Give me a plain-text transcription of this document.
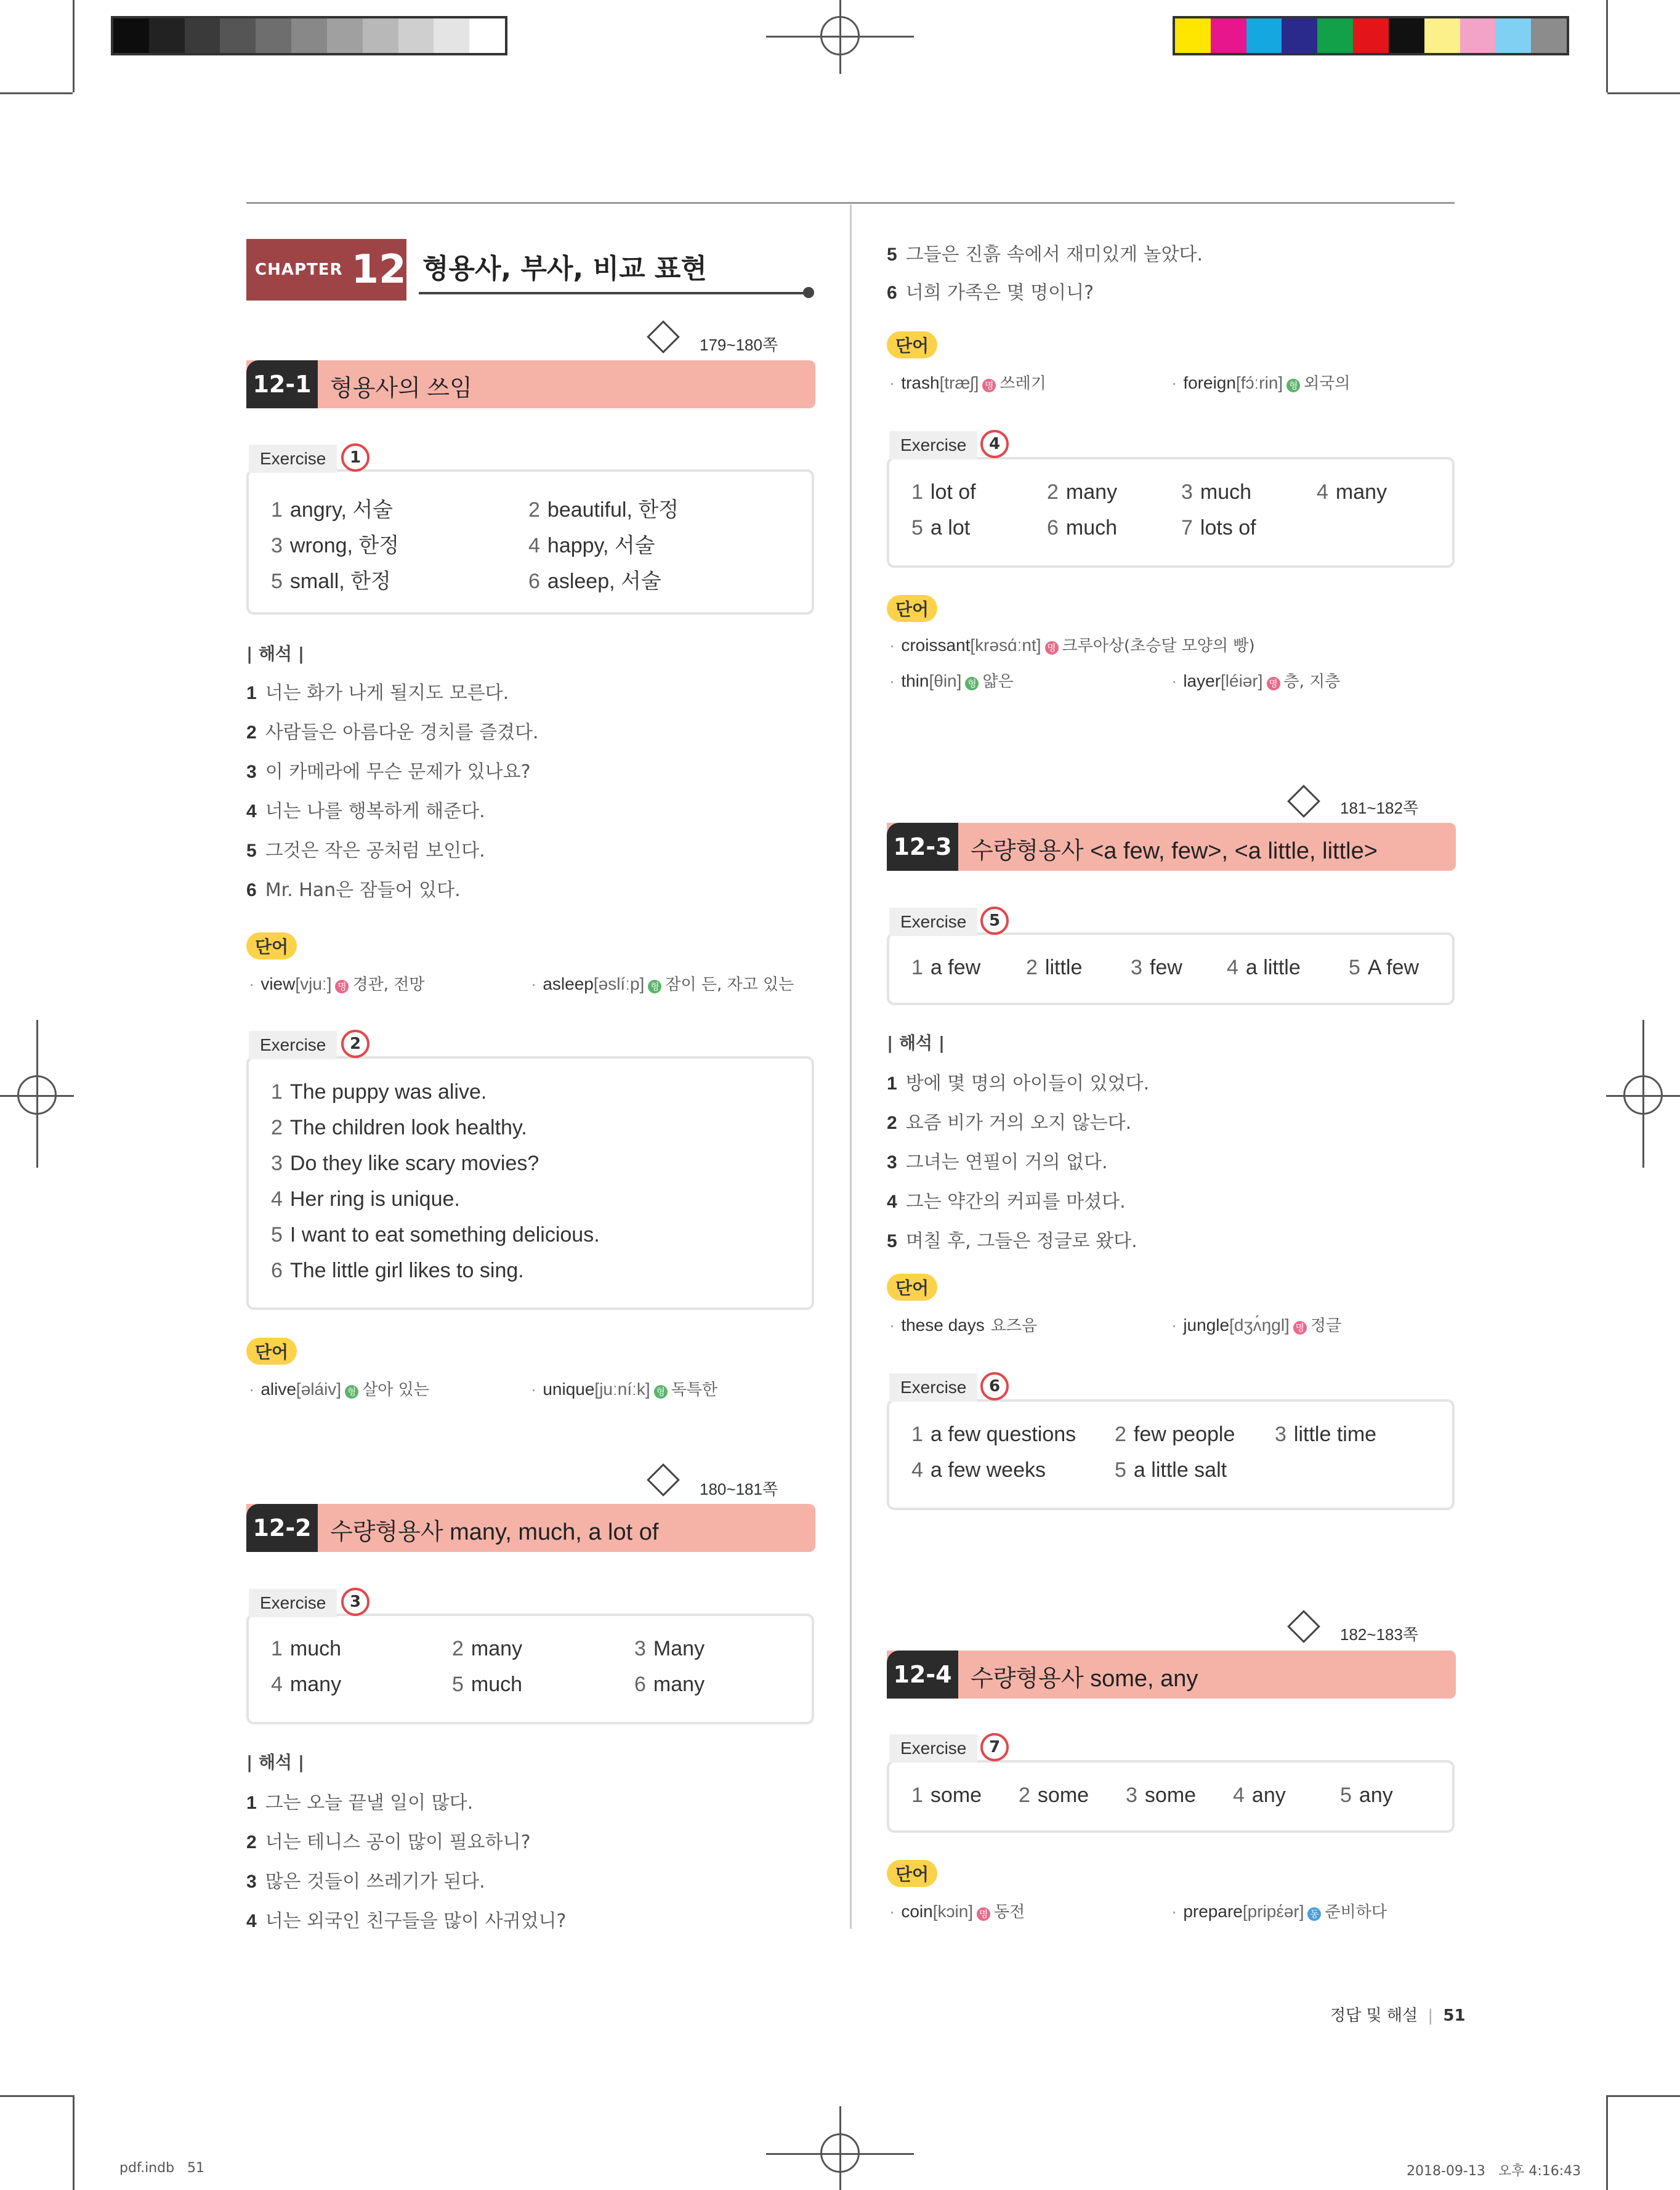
CHAPTER 12 형용사, 부사, 비교 표현
179~180쪽
12-1 형용사의 쓰임
Exercise	1
1 angry, 서술	2 beautiful, 한정
3 wrong, 한정	4 happy, 서술
5 small, 한정	6 asleep, 서술
| 해석 |
1 너는 화가 나게 될지도 모른다.
2 사람들은 아름다운 경치를 즐겼다.
3 이 카메라에 무슨 문제가 있나요?
4 너는 나를 행복하게 해준다.
5 그것은 작은 공처럼 보인다.
6 Mr. Han은 잠들어 있다.
단어
· view[vjuː] 명 경관, 전망	· asleep[əslíːp] 형 잠이 든, 자고 있는
Exercise	2
1 The puppy was alive.
2 The children look healthy.
3 Do they like scary movies?
4 Her ring is unique.
5 I want to eat something delicious.
6 The little girl likes to sing.
단어
· alive[əláiv] 형 살아 있는	· unique[juːníːk] 형 독특한
180~181쪽
12-2 수량형용사 many, much, a lot of
Exercise	3
1 much	2 many	3 Many
4 many	5 much	6 many
| 해석 |
1 그는 오늘 끝낼 일이 많다.
2 너는 테니스 공이 많이 필요하니?
3 많은 것들이 쓰레기가 된다.
4 너는 외국인 친구들을 많이 사귀었니?
5 그들은 진흙 속에서 재미있게 놀았다.
6 너희 가족은 몇 명이니?
단어
· trash[træʃ] 명 쓰레기	· foreign[fɔ́ːrin] 형 외국의
Exercise	4
1 lot of	2 many	3 much	4 many
5 a lot	6 much	7 lots of
단어
· croissant[krəsɑ́ːnt] 명 크루아상(초승달 모양의 빵)
· thin[θin] 형 얇은	· layer[léiər] 명 층, 지층
181~182쪽
12-3 수량형용사 <a few, few>, <a little, little>
Exercise	5
1 a few 2 little 3 few 4 a little 5 A few
| 해석 |
1 방에 몇 명의 아이들이 있었다.
2 요즘 비가 거의 오지 않는다.
3 그녀는 연필이 거의 없다.
4 그는 약간의 커피를 마셨다.
5 며칠 후, 그들은 정글로 왔다.
단어
· these days 요즈음	· jungle[dʒʌ́ŋgl] 명 정글
Exercise	6
1 a few questions 2 few people 3 little time
4 a few weeks	5 a little salt
182~183쪽
12-4 수량형용사 some, any
Exercise	7
1 some 2 some 3 some 4 any	5 any
단어
· coin[kɔin] 명 동전	· prepare[pripέər] 동 준비하다
정답 및 해설 | 51
pdf.indb   51	2018-09-13   오후 4:16:43
